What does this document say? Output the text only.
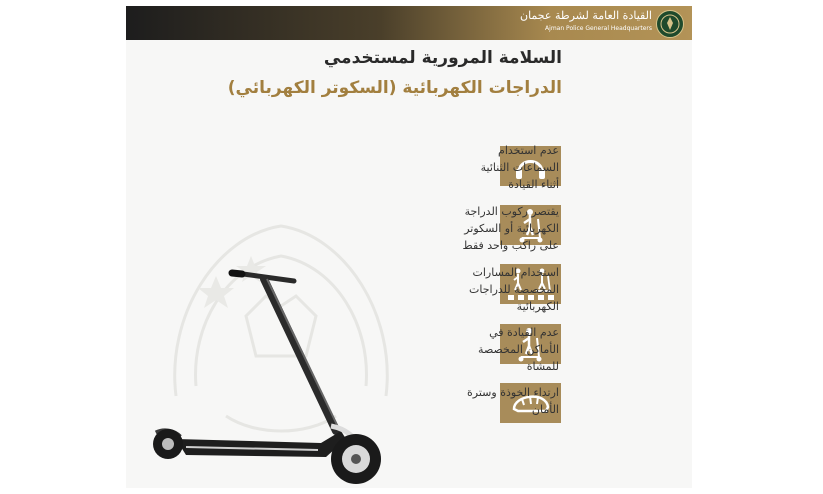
القيادة العامة لشرطة عجمان
Ajman Police General Headquarters
السلامة المرورية لمستخدمي
الدراجات الكهربائية (السكوتر الكهربائي)
عدم استخدام
السماعات الثنائية
أثناء القيادة
يقتصر ركوب الدراجة
الكهربائية أو السكوتر
على راكب واحد فقط
استخدام المسارات
المخصصة للدراجات
الكهربائية
عدم القيادة في
الأماكن المخصصة
للمشاة
ارتداء الخوذة وسترة
الأمان
